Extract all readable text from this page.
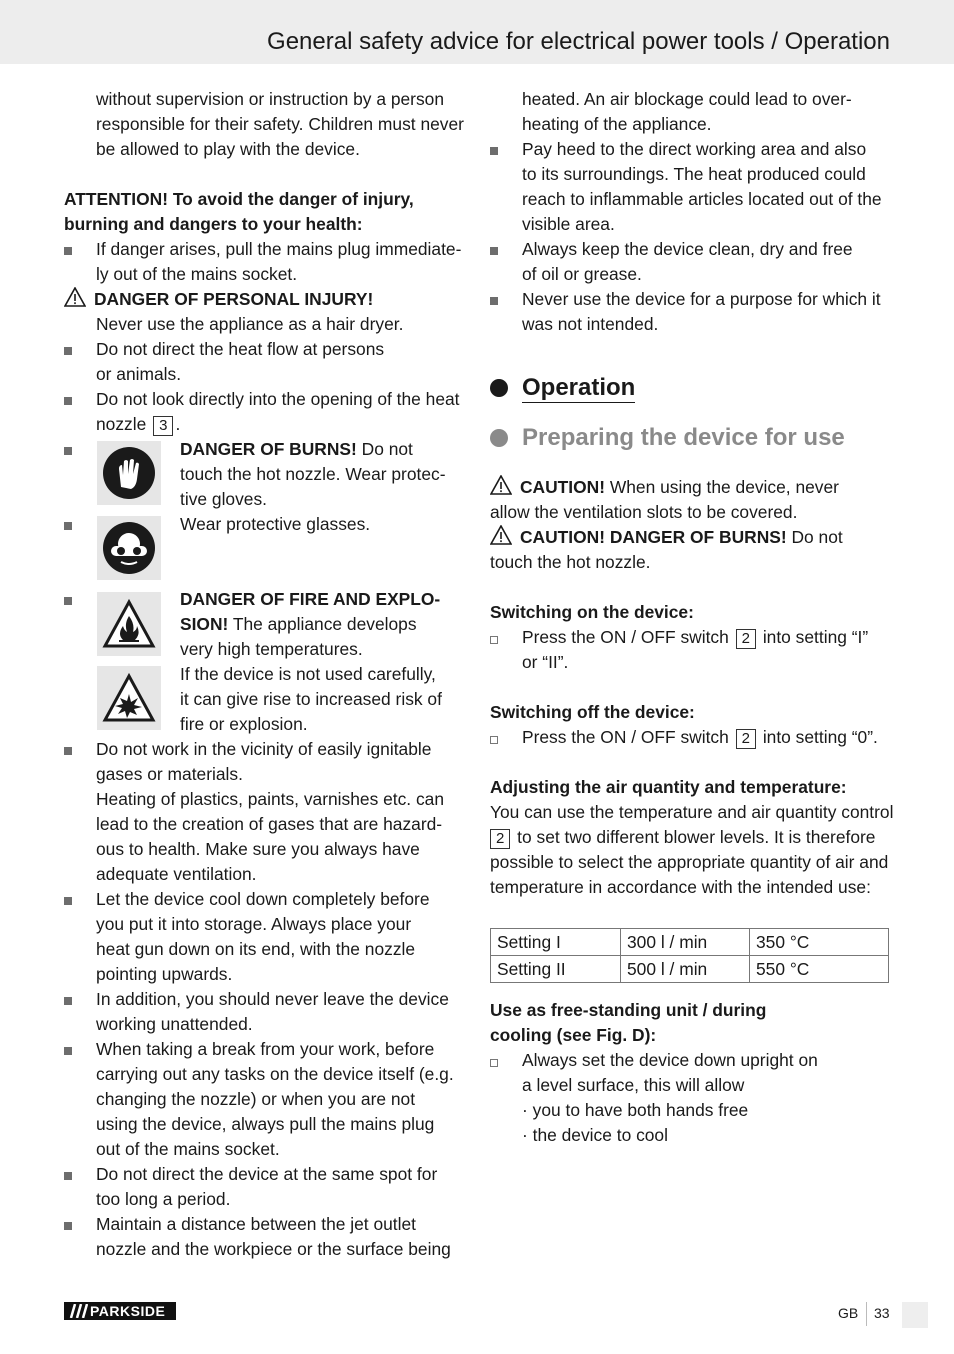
General safety advice for electrical power tools / Operation
without supervision or instruction by a person
responsible for their safety. Children must never
be allowed to play with the device.
ATTENTION! To avoid the danger of injury,
burning and dangers to your health:
If danger arises, pull the mains plug immediate-
ly out of the mains socket.
DANGER OF PERSONAL INJURY!
Never use the appliance as a hair dryer.
Do not direct the heat flow at persons
or animals.
Do not look directly into the opening of the heat
nozzle 3 .
DANGER OF BURNS! Do not
touch the hot nozzle. Wear protec-
tive gloves.
Wear protective glasses.
DANGER OF FIRE AND EXPLO-
SION! The appliance develops
very high temperatures.
If the device is not used carefully,
it can give rise to increased risk of
fire or explosion.
Do not work in the vicinity of easily ignitable
gases or materials.
Heating of plastics, paints, varnishes etc. can
lead to the creation of gases that are hazard-
ous to health. Make sure you always have
adequate ventilation.
Let the device cool down completely before
you put it into storage. Always place your
heat gun down on its end, with the nozzle
pointing upwards.
In addition, you should never leave the device
working unattended.
When taking a break from your work, before
carrying out any tasks on the device itself (e.g.
changing the nozzle) or when you are not
using the device, always pull the mains plug
out of the mains socket.
Do not direct the device at the same spot for
too long a period.
Maintain a distance between the jet outlet
nozzle and the workpiece or the surface being
heated. An air blockage could lead to over-
heating of the appliance.
Pay heed to the direct working area and also
to its surroundings. The heat produced could
reach to inflammable articles located out of the
visible area.
Always keep the device clean, dry and free
of oil or grease.
Never use the device for a purpose for which it
was not intended.
Operation
Preparing the device for use
CAUTION! When using the device, never
allow the ventilation slots to be covered.
CAUTION! DANGER OF BURNS! Do not
touch the hot nozzle.
Switching on the device:
Press the ON / OFF switch 2 into setting “I”
or “II”.
Switching off the device:
Press the ON / OFF switch 2 into setting “0”.
Adjusting the air quantity and temperature:
You can use the temperature and air quantity control
2 to set two different blower levels. It is therefore
possible to select the appropriate quantity of air and
temperature in accordance with the intended use:
Setting I	300 l / min	350 °C
Setting II	500 l / min	550 °C
Use as free-standing unit / during
cooling (see Fig. D):
Always set the device down upright on
a level surface, this will allow
· you to have both hands free
· the device to cool
PARKSIDE	GB 33
